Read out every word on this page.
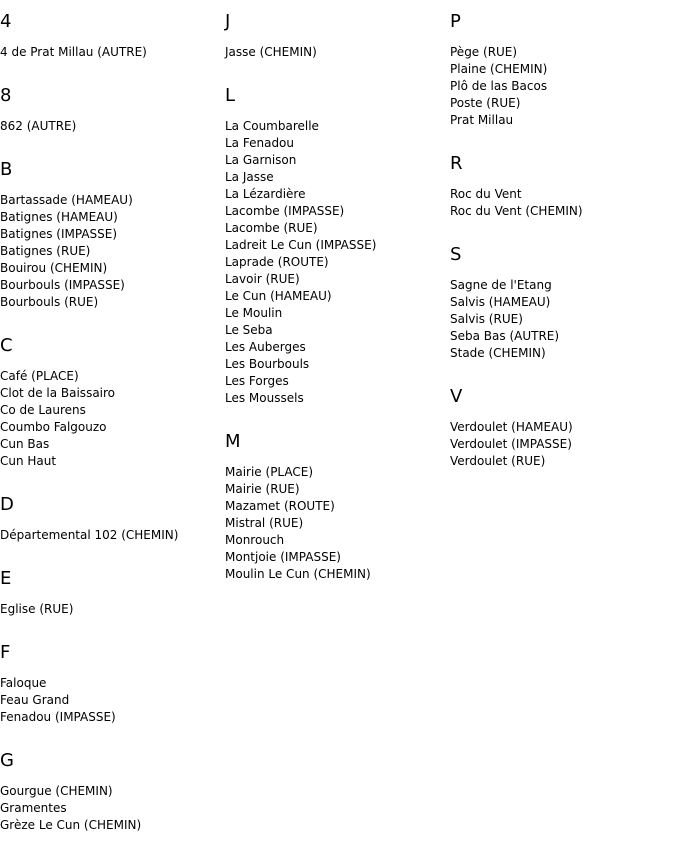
4
4 de Prat Millau (AUTRE)
8
862 (AUTRE)
B
Bartassade (HAMEAU)
Batignes (HAMEAU)
Batignes (IMPASSE)
Batignes (RUE)
Bouirou (CHEMIN)
Bourbouls (IMPASSE)
Bourbouls (RUE)
C
Café (PLACE)
Clot de la Baissairo
Co de Laurens
Coumbo Falgouzo
Cun Bas
Cun Haut
D
Départemental 102 (CHEMIN)
E
Eglise (RUE)
F
Faloque
Feau Grand
Fenadou (IMPASSE)
G
Gourgue (CHEMIN)
Gramentes
Grèze Le Cun (CHEMIN)
J
Jasse (CHEMIN)
L
La Coumbarelle
La Fenadou
La Garnison
La Jasse
La Lézardière
Lacombe (IMPASSE)
Lacombe (RUE)
Ladreit Le Cun (IMPASSE)
Laprade (ROUTE)
Lavoir (RUE)
Le Cun (HAMEAU)
Le Moulin
Le Seba
Les Auberges
Les Bourbouls
Les Forges
Les Moussels
M
Mairie (PLACE)
Mairie (RUE)
Mazamet (ROUTE)
Mistral (RUE)
Monrouch
Montjoie (IMPASSE)
Moulin Le Cun (CHEMIN)
P
Pège (RUE)
Plaine (CHEMIN)
Plô de las Bacos
Poste (RUE)
Prat Millau
R
Roc du Vent
Roc du Vent (CHEMIN)
S
Sagne de l'Etang
Salvis (HAMEAU)
Salvis (RUE)
Seba Bas (AUTRE)
Stade (CHEMIN)
V
Verdoulet (HAMEAU)
Verdoulet (IMPASSE)
Verdoulet (RUE)
